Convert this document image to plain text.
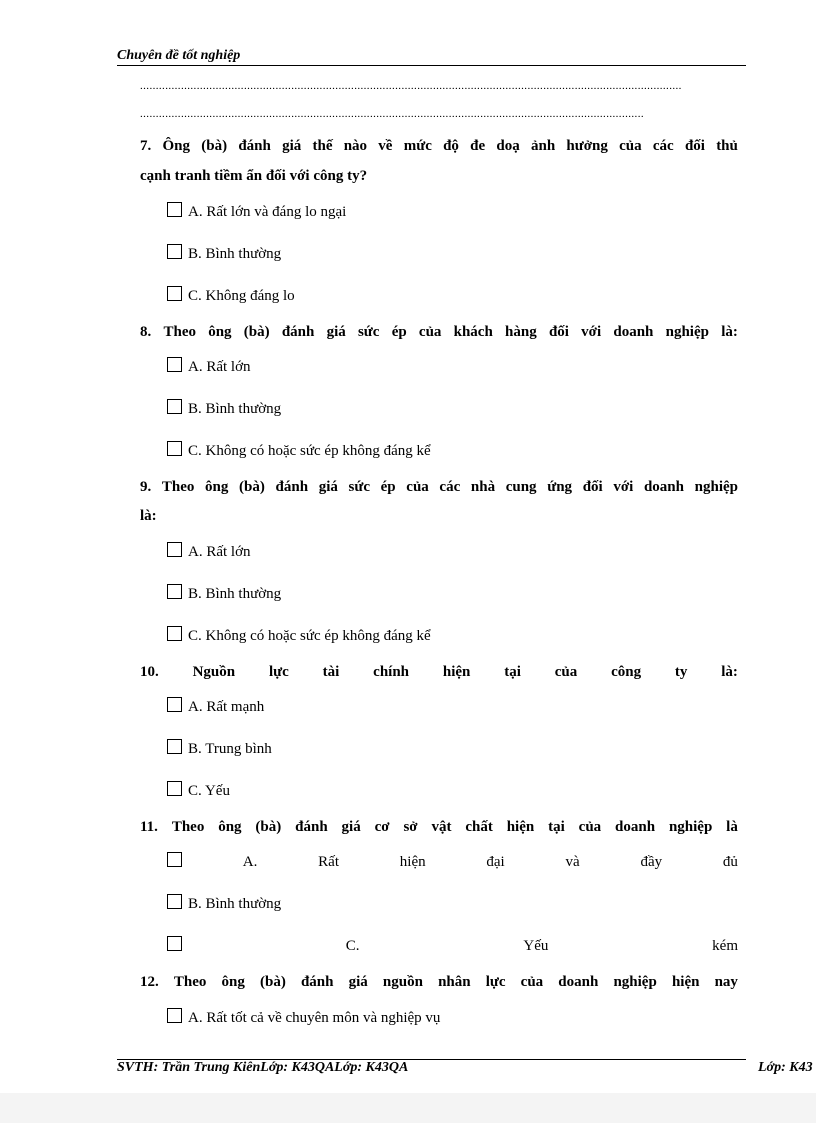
Chuyên đề tốt nghiệp
............................................................................................................................................................................
................................................................................................................................................................
7. Ông (bà) đánh giá thế nào về mức độ đe doạ ảnh hưởng của các đối thủ
cạnh tranh tiềm ẩn đối với công ty?
A. Rất lớn và đáng lo ngại
B. Bình thường
C. Không đáng lo
8. Theo ông (bà) đánh giá sức ép của khách hàng đối với doanh nghiệp là:
A. Rất lớn
B. Bình thường
C. Không có hoặc sức ép không đáng kể
9. Theo ông (bà) đánh giá sức ép của các nhà cung ứng đối với doanh nghiệp
là:
A. Rất lớn
B. Bình thường
C. Không có hoặc sức ép không đáng kể
10. Nguồn lực tài chính hiện tại của công ty là:
A. Rất mạnh
B. Trung bình
C. Yếu
11. Theo ông (bà) đánh giá cơ sở vật chất hiện tại của doanh nghiệp là
A.	Rất	hiện	đại	và	đầy	đủ
B. Bình thường
C.	Yếu	kém
12. Theo ông (bà) đánh giá nguồn nhân lực của doanh nghiệp hiện nay
A. Rất tốt cả về chuyên môn và nghiệp vụ
SVTH: Trần Trung KiênLớp: K43QALớp: K43QA	Lớp: K43
